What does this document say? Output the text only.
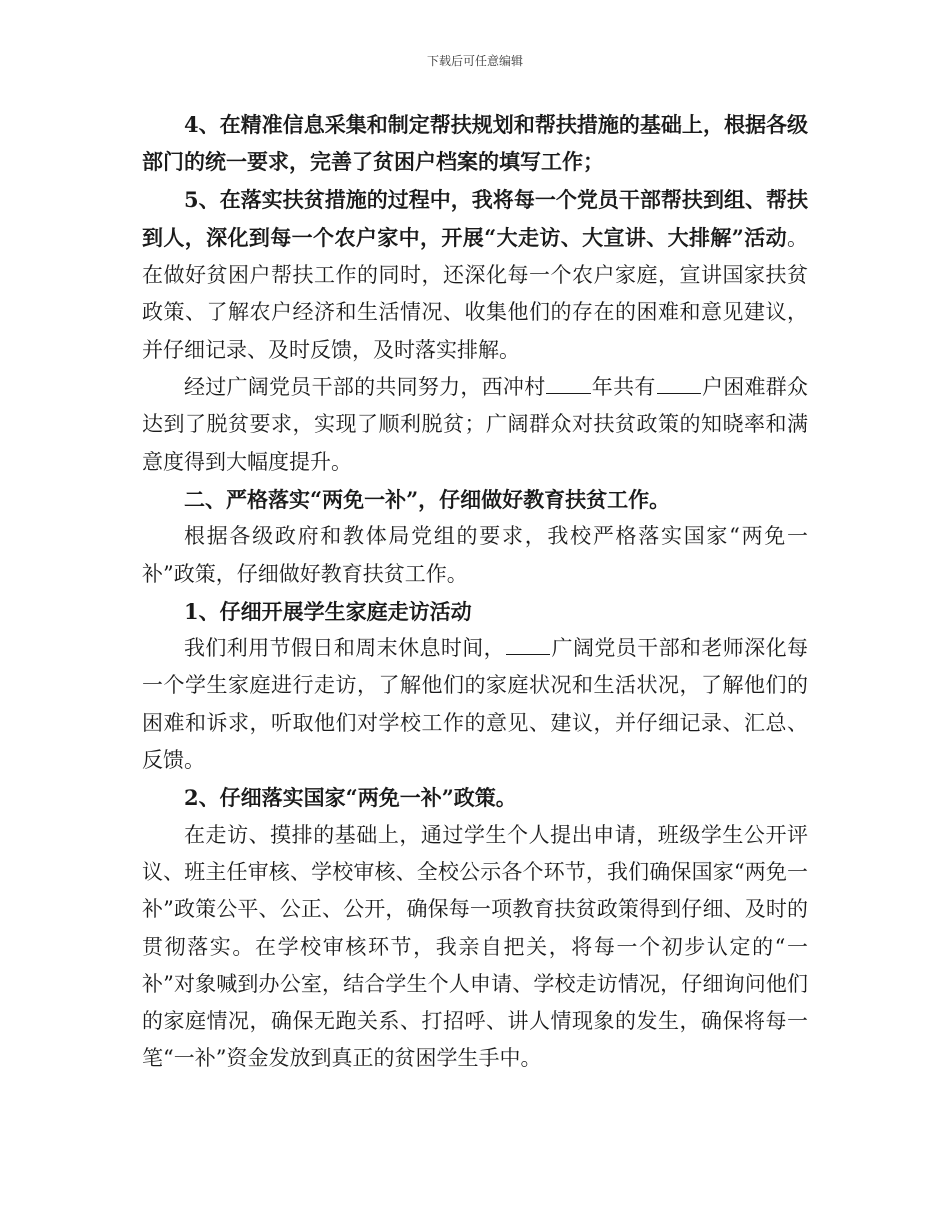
下载后可任意编辑

4、在精准信息采集和制定帮扶规划和帮扶措施的基础上，根据各级部门的统一要求，完善了贫困户档案的填写工作；

5、在落实扶贫措施的过程中，我将每一个党员干部帮扶到组、帮扶到人，深化到每一个农户家中，开展“大走访、大宣讲、大排解”活动。在做好贫困户帮扶工作的同时，还深化每一个农户家庭，宣讲国家扶贫政策、了解农户经济和生活情况、收集他们的存在的困难和意见建议，并仔细记录、及时反馈，及时落实排解。

经过广阔党员干部的共同努力，西冲村 年共有 户困难群众达到了脱贫要求，实现了顺利脱贫；广阔群众对扶贫政策的知晓率和满意度得到大幅度提升。

二、严格落实“两免一补”，仔细做好教育扶贫工作。

根据各级政府和教体局党组的要求，我校严格落实国家“两免一补”政策，仔细做好教育扶贫工作。

1、仔细开展学生家庭走访活动

我们利用节假日和周末休息时间， 广阔党员干部和老师深化每一个学生家庭进行走访，了解他们的家庭状况和生活状况，了解他们的困难和诉求，听取他们对学校工作的意见、建议，并仔细记录、汇总、反馈。

2、仔细落实国家“两免一补”政策。

在走访、摸排的基础上，通过学生个人提出申请，班级学生公开评议、班主任审核、学校审核、全校公示各个环节，我们确保国家“两免一补”政策公平、公正、公开，确保每一项教育扶贫政策得到仔细、及时的贯彻落实。在学校审核环节，我亲自把关，将每一个初步认定的“一补”对象喊到办公室，结合学生个人申请、学校走访情况，仔细询问他们的家庭情况，确保无跑关系、打招呼、讲人情现象的发生，确保将每一笔“一补”资金发放到真正的贫困学生手中。
